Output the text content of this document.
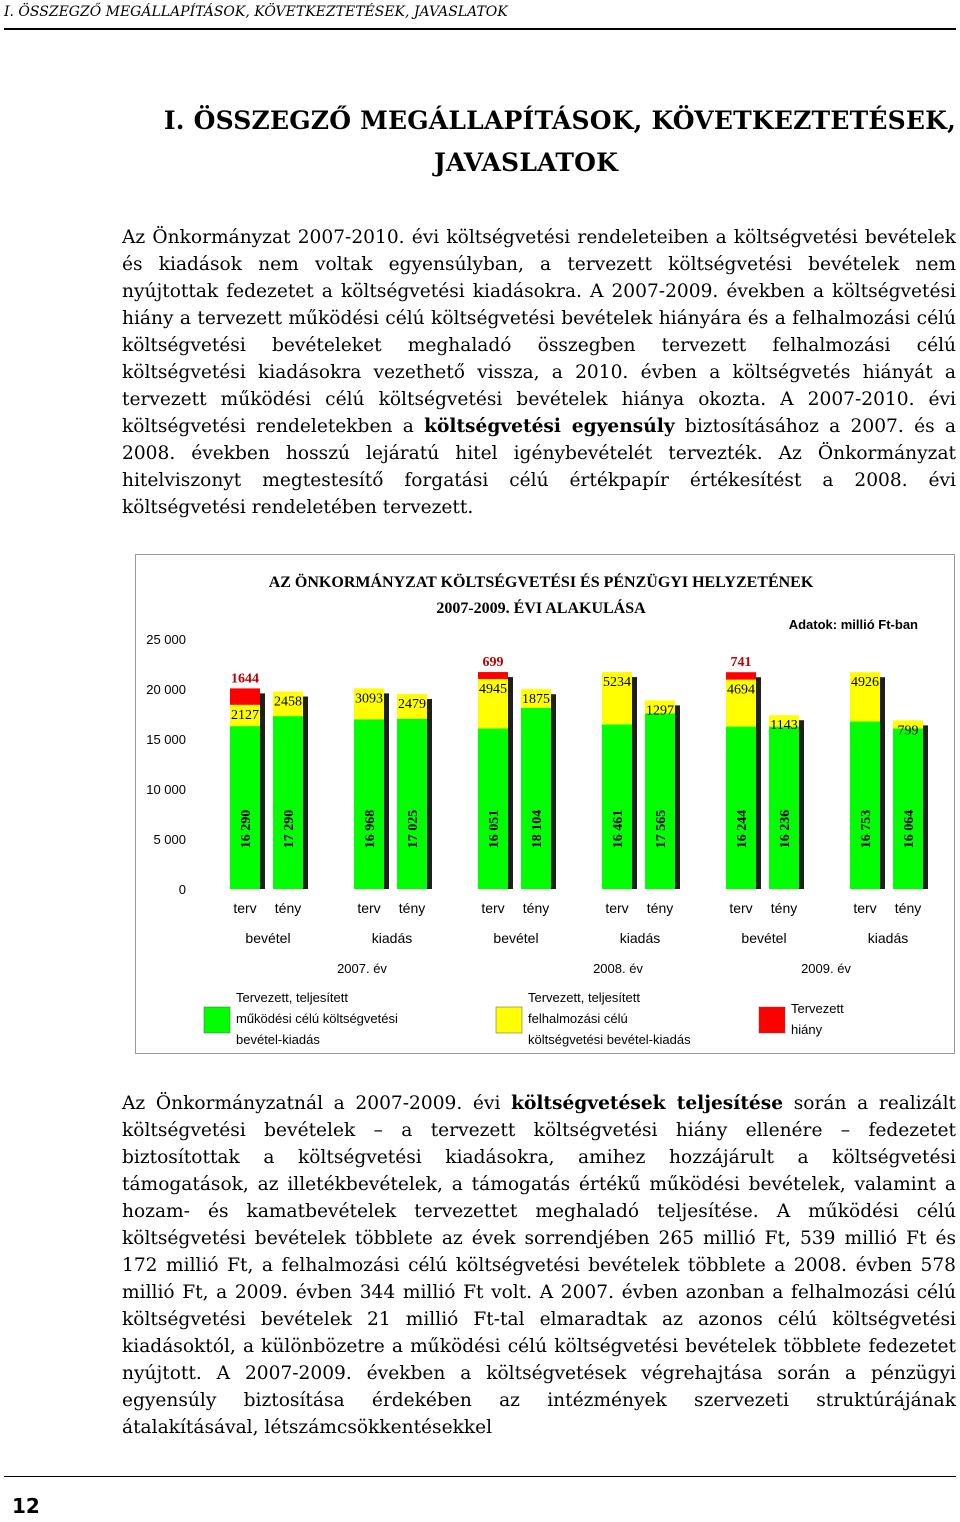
I. ÖSSZEGZŐ MEGÁLLAPÍTÁSOK, KÖVETKEZTETÉSEK, JAVASLATOK
I. ÖSSZEGZŐ MEGÁLLAPÍTÁSOK, KÖVETKEZTETÉSEK,
JAVASLATOK

Az Önkormányzat 2007-2010. évi költségvetési rendeleteiben a költségvetési bevételek és kiadások nem voltak egyensúlyban, a tervezett költségvetési bevételek nem nyújtottak fedezetet a költségvetési kiadásokra. A 2007-2009. években a költségvetési hiány a tervezett működési célú költségvetési bevételek hiányára és a felhalmozási célú költségvetési bevételeket meghaladó összegben tervezett felhalmozási célú költségvetési kiadásokra vezethető vissza, a 2010. évben a költségvetés hiányát a tervezett működési célú költségvetési bevételek hiánya okozta. A 2007-2010. évi költségvetési rendeletekben a költségvetési egyensúly biztosításához a 2007. és a 2008. években hosszú lejáratú hitel igénybevételét tervezték. Az Önkormányzat hitelviszonyt megtestesítő forgatási célú értékpapír értékesítést a 2008. évi költségvetési rendeletében tervezett.

AZ ÖNKORMÁNYZAT KÖLTSÉGVETÉSI ÉS PÉNZÜGYI HELYZETÉNEK
2007-2009. ÉVI ALAKULÁSA
Adatok: millió Ft-ban
0
5 000
10 000
15 000
20 000
25 000
16 290
2127
1644
terv
17 290
2458
tény
16 968
3093
terv
17 025
2479
tény
16 051
4945
699
terv
18 104
1875
tény
16 461
5234
terv
17 565
1297
tény
16 244
4694
741
terv
16 236
1143
tény
16 753
4926
terv
16 064
799
tény
bevétel	kiadás	bevétel	kiadás	bevétel	kiadás
2007. év	2008. év	2009. év
Tervezett, teljesített
működési célú költségvetési
bevétel-kiadás
Tervezett, teljesített
felhalmozási célú
költségvetési bevétel-kiadás
Tervezett
hiány

Az Önkormányzatnál a 2007-2009. évi költségvetések teljesítése során a realizált költségvetési bevételek – a tervezett költségvetési hiány ellenére – fedezetet biztosítottak a költségvetési kiadásokra, amihez hozzájárult a költségvetési támogatások, az illetékbevételek, a támogatás értékű működési bevételek, valamint a hozam- és kamatbevételek tervezettet meghaladó teljesítése. A működési célú költségvetési bevételek többlete az évek sorrendjében 265 millió Ft, 539 millió Ft és 172 millió Ft, a felhalmozási célú költségvetési bevételek többlete a 2008. évben 578 millió Ft, a 2009. évben 344 millió Ft volt. A 2007. évben azonban a felhalmozási célú költségvetési bevételek 21 millió Ft-tal elmaradtak az azonos célú költségvetési kiadásoktól, a különbözetre a működési célú költségvetési bevételek többlete fedezetet nyújtott. A 2007-2009. években a költségvetések végrehajtása során a pénzügyi egyensúly biztosítása érdekében az intézmények szervezeti struktúrájának átalakításával, létszámcsökkentésekkel

12
